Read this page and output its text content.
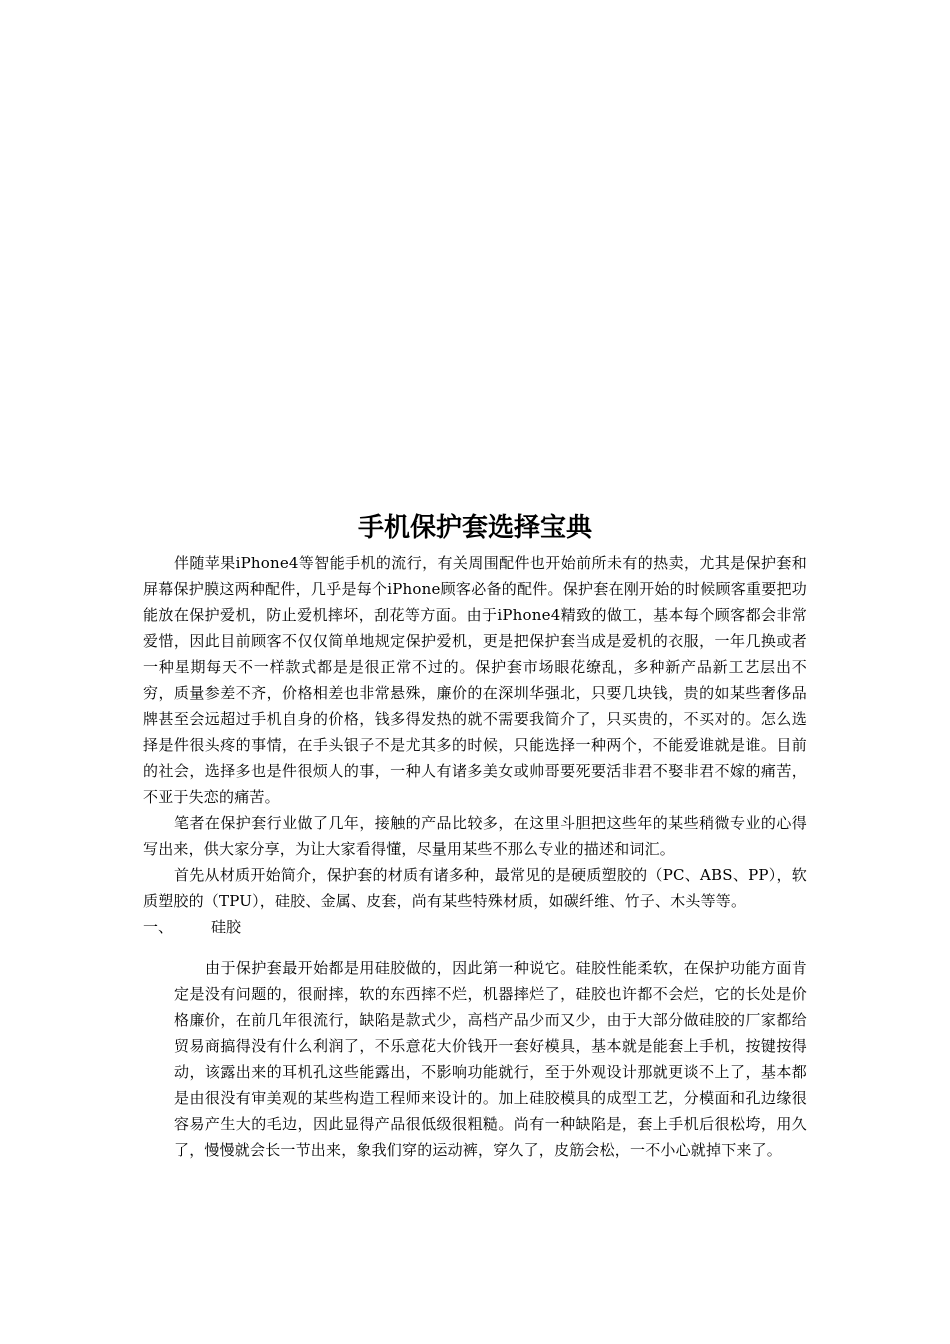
手机保护套选择宝典

伴随苹果iPhone4等智能手机的流行，有关周围配件也开始前所未有的热卖，尤其是保护套和屏幕保护膜这两种配件，几乎是每个iPhone顾客必备的配件。保护套在刚开始的时候顾客重要把功能放在保护爱机，防止爱机摔坏，刮花等方面。由于iPhone4精致的做工，基本每个顾客都会非常爱惜，因此目前顾客不仅仅简单地规定保护爱机，更是把保护套当成是爱机的衣服，一年几换或者一种星期每天不一样款式都是是很正常不过的。保护套市场眼花缭乱，多种新产品新工艺层出不穷，质量参差不齐，价格相差也非常悬殊，廉价的在深圳华强北，只要几块钱，贵的如某些奢侈品牌甚至会远超过手机自身的价格，钱多得发热的就不需要我简介了，只买贵的，不买对的。怎么选择是件很头疼的事情，在手头银子不是尤其多的时候，只能选择一种两个，不能爱谁就是谁。目前的社会，选择多也是件很烦人的事，一种人有诸多美女或帅哥要死要活非君不娶非君不嫁的痛苦，不亚于失恋的痛苦。

笔者在保护套行业做了几年，接触的产品比较多，在这里斗胆把这些年的某些稍微专业的心得写出来，供大家分享，为让大家看得懂，尽量用某些不那么专业的描述和词汇。

首先从材质开始简介，保护套的材质有诸多种，最常见的是硬质塑胶的（PC、ABS、PP），软质塑胶的（TPU），硅胶、金属、皮套，尚有某些特殊材质，如碳纤维、竹子、木头等等。

一、	硅胶

由于保护套最开始都是用硅胶做的，因此第一种说它。硅胶性能柔软，在保护功能方面肯定是没有问题的，很耐摔，软的东西摔不烂，机器摔烂了，硅胶也许都不会烂，它的长处是价格廉价，在前几年很流行，缺陷是款式少，高档产品少而又少，由于大部分做硅胶的厂家都给贸易商搞得没有什么利润了，不乐意花大价钱开一套好模具，基本就是能套上手机，按键按得动，该露出来的耳机孔这些能露出，不影响功能就行，至于外观设计那就更谈不上了，基本都是由很没有审美观的某些构造工程师来设计的。加上硅胶模具的成型工艺，分模面和孔边缘很容易产生大的毛边，因此显得产品很低级很粗糙。尚有一种缺陷是，套上手机后很松垮，用久了，慢慢就会长一节出来，象我们穿的运动裤，穿久了，皮筋会松，一不小心就掉下来了。
